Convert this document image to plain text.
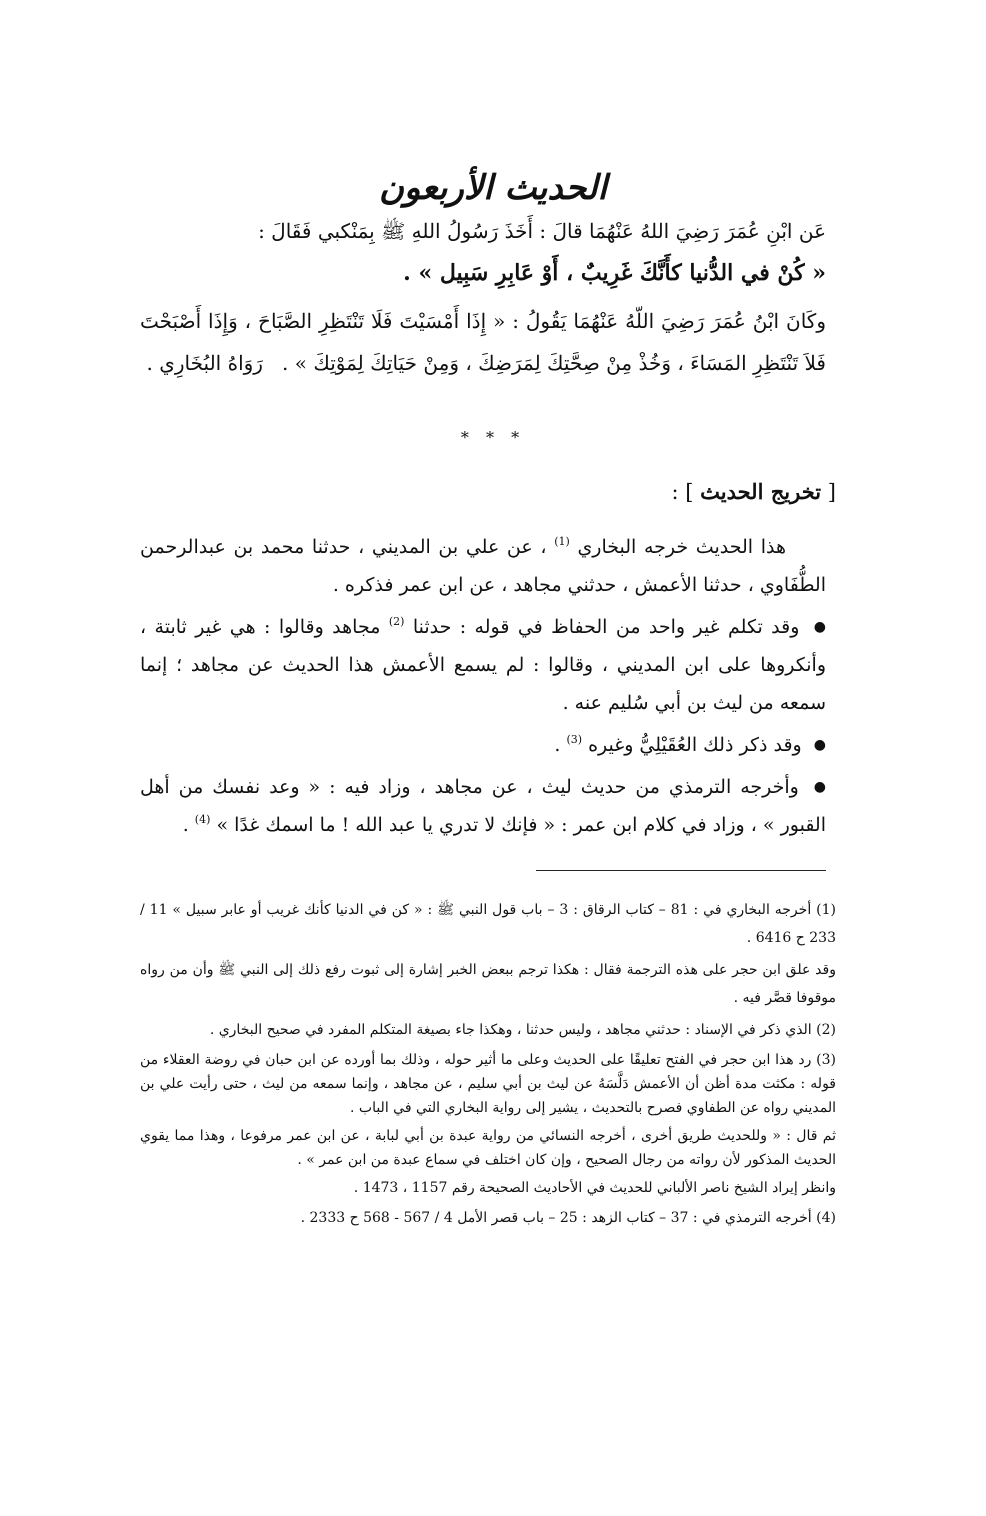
الحديث الأربعون

عَن ابْنِ عُمَرَ رَضِيَ اللهُ عَنْهُمَا قالَ : أَخَذَ رَسُولُ اللهِ ﷺ بِمَنْكبي فَقَالَ :

« كُنْ في الدُّنيا كأَنَّكَ غَرِيبٌ ، أَوْ عَابِرِ سَبِيل » .

وكَانَ ابْنُ عُمَرَ رَضِيَ اللّهُ عَنْهُمَا يَقُولُ : « إِذَا أَمْسَيْتَ فَلَا تَنْتَظِرِ الصَّبَاحَ ، وَإِذَا أَصْبَحْتَ فَلاَ تَنْتَظِرِ المَسَاءَ ، وَخُذْ مِنْ صِحَّتِكَ لِمَرَضِكَ ، وَمِنْ حَيَاتِكَ لِمَوْتِكَ » .   رَوَاهُ البُخَارِي .

* * *
[ تخريج الحديث ] :

هذا الحديث خرجه البخاري $^{(1)}$ ، عن علي بن المديني ، حدثنا محمد بن عبدالرحمن الطُّفَاوي ، حدثنا الأعمش ، حدثني مجاهد ، عن ابن عمر فذكره .

● وقد تكلم غير واحد من الحفاظ في قوله : حدثنا $^{(2)}$ مجاهد وقالوا : هي غير ثابتة ، وأنكروها على ابن المديني ، وقالوا : لم يسمع الأعمش هذا الحديث عن مجاهد ؛ إنما سمعه من ليث بن أبي سُليم عنه .

● وقد ذكر ذلك العُقَيْلِيُّ وغيره $^{(3)}$ .

● وأخرجه الترمذي من حديث ليث ، عن مجاهد ، وزاد فيه : « وعد نفسك من أهل القبور » ، وزاد في كلام ابن عمر : « فإنك لا تدري يا عبد الله ! ما اسمك غدًا » $^{(4)}$ .

(1) أخرجه البخاري في : 81 – كتاب الرقاق : 3 – باب قول النبي ﷺ : « كن في الدنيا كأنك غريب أو عابر سبيل » 11 / 233 ح 6416 .

وقد علق ابن حجر على هذه الترجمة فقال : هكذا ترجم ببعض الخبر إشارة إلى ثبوت رفع ذلك إلى النبي ﷺ وأن من رواه موقوفا قصَّر فيه .

(2) الذي ذكر في الإسناد : حدثني مجاهد ، وليس حدثنا ، وهكذا جاء بصيغة المتكلم المفرد في صحيح البخاري .

(3) رد هذا ابن حجر في الفتح تعليقًا على الحديث وعلى ما أثير حوله ، وذلك بما أورده عن ابن حبان في روضة العقلاء من قوله : مكثت مدة أظن أن الأعمش دَلَّسَهُ عن ليث بن أبي سليم ، عن مجاهد ، وإنما سمعه من ليث ، حتى رأيت علي بن المديني رواه عن الطفاوي فصرح بالتحديث ، يشير إلى رواية البخاري التي في الباب .

ثم قال : « وللحديث طريق أخرى ، أخرجه النسائي من رواية عبدة بن أبي لبابة ، عن ابن عمر مرفوعا ، وهذا مما يقوي الحديث المذكور لأن رواته من رجال الصحيح ، وإن كان اختلف في سماع عبدة من ابن عمر » .

وانظر إيراد الشيخ ناصر الألباني للحديث في الأحاديث الصحيحة رقم 1157 ، 1473 .

(4) أخرجه الترمذي في : 37 – كتاب الزهد : 25 – باب قصر الأمل 4 / 567 - 568 ح 2333 .
